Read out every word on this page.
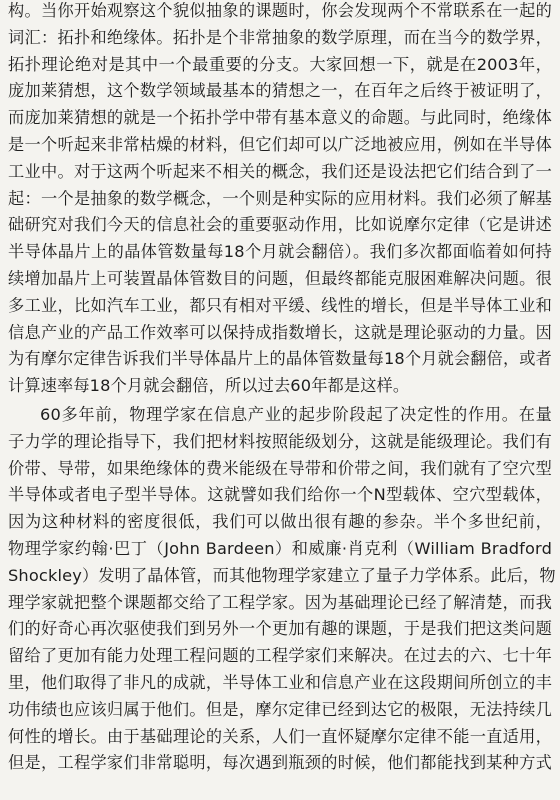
构。当你开始观察这个貌似抽象的课题时，你会发现两个不常联系在一起的
词汇：拓扑和绝缘体。拓扑是个非常抽象的数学原理，而在当今的数学界，
拓扑理论绝对是其中一个最重要的分支。大家回想一下，就是在2003年，
庞加莱猜想，这个数学领域最基本的猜想之一，在百年之后终于被证明了，
而庞加莱猜想的就是一个拓扑学中带有基本意义的命题。与此同时，绝缘体
是一个听起来非常枯燥的材料，但它们却可以广泛地被应用，例如在半导体
工业中。对于这两个听起来不相关的概念，我们还是设法把它们结合到了一
起：一个是抽象的数学概念，一个则是种实际的应用材料。我们必须了解基
础研究对我们今天的信息社会的重要驱动作用，比如说摩尔定律（它是讲述
半导体晶片上的晶体管数量每18个月就会翻倍）。我们多次都面临着如何持
续增加晶片上可装置晶体管数目的问题，但最终都能克服困难解决问题。很
多工业，比如汽车工业，都只有相对平缓、线性的增长，但是半导体工业和
信息产业的产品工作效率可以保持成指数增长，这就是理论驱动的力量。因
为有摩尔定律告诉我们半导体晶片上的晶体管数量每18个月就会翻倍，或者
计算速率每18个月就会翻倍，所以过去60年都是这样。
60多年前，物理学家在信息产业的起步阶段起了决定性的作用。在量
子力学的理论指导下，我们把材料按照能级划分，这就是能级理论。我们有
价带、导带，如果绝缘体的费米能级在导带和价带之间，我们就有了空穴型
半导体或者电子型半导体。这就譬如我们给你一个N型载体、空穴型载体，
因为这种材料的密度很低，我们可以做出很有趣的参杂。半个多世纪前，
物理学家约翰·巴丁（John Bardeen）和威廉·肖克利（William Bradford
Shockley）发明了晶体管，而其他物理学家建立了量子力学体系。此后，物
理学家就把整个课题都交给了工程学家。因为基础理论已经了解清楚，而我
们的好奇心再次驱使我们到另外一个更加有趣的课题，于是我们把这类问题
留给了更加有能力处理工程问题的工程学家们来解决。在过去的六、七十年
里，他们取得了非凡的成就，半导体工业和信息产业在这段期间所创立的丰
功伟绩也应该归属于他们。但是，摩尔定律已经到达它的极限，无法持续几
何性的增长。由于基础理论的关系，人们一直怀疑摩尔定律不能一直适用，
但是，工程学家们非常聪明，每次遇到瓶颈的时候，他们都能找到某种方式
